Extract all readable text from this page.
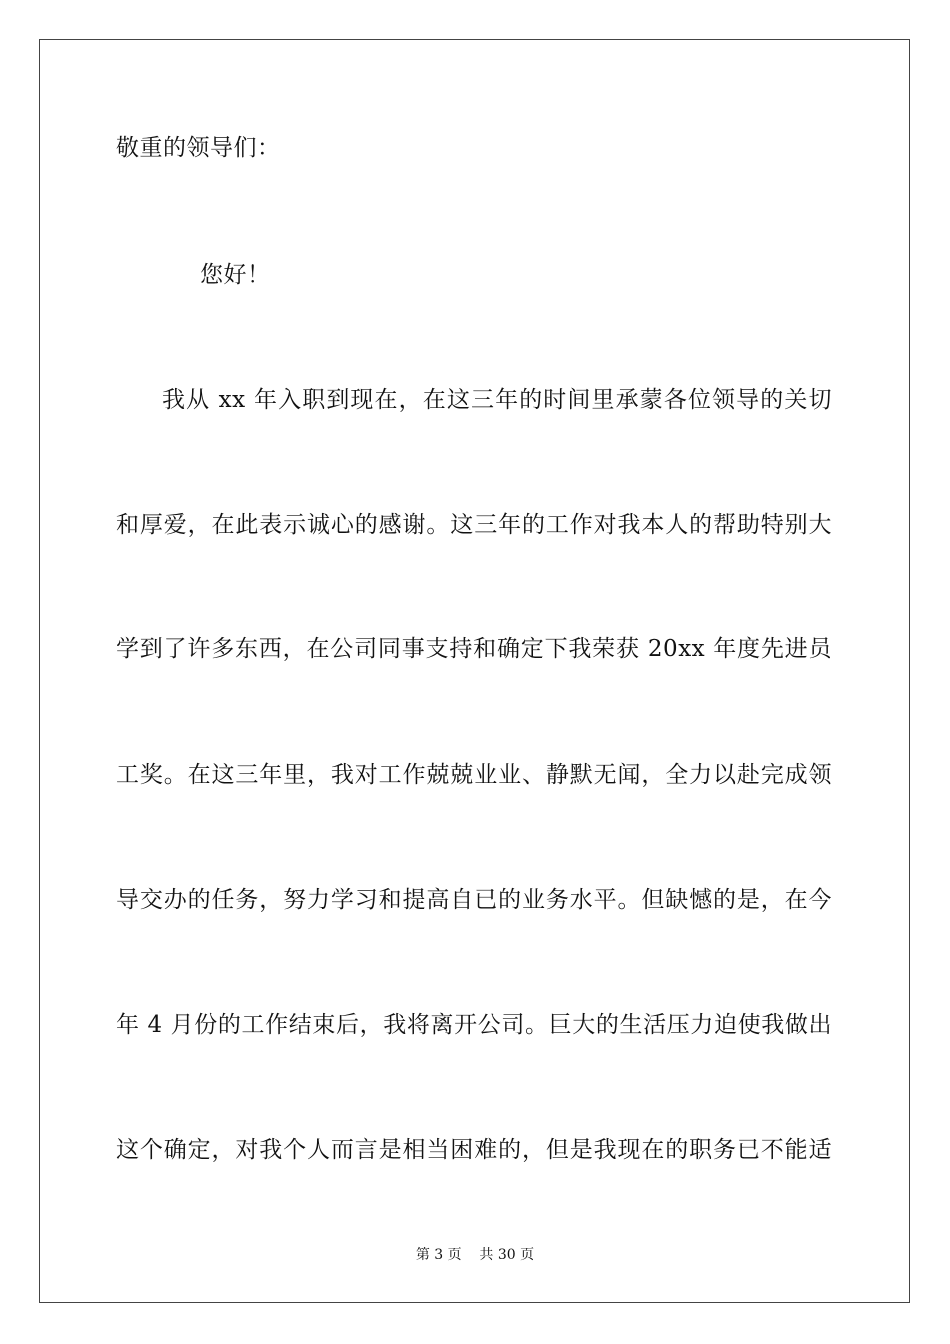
敬重的领导们：
您好！
我从 xx 年入职到现在，在这三年的时间里承蒙各位领导的关切
和厚爱，在此表示诚心的感谢。这三年的工作对我本人的帮助特别大
学到了许多东西，在公司同事支持和确定下我荣获 20xx 年度先进员
工奖。在这三年里，我对工作兢兢业业、静默无闻，全力以赴完成领
导交办的任务，努力学习和提高自已的业务水平。但缺憾的是，在今
年 4 月份的工作结束后，我将离开公司。巨大的生活压力迫使我做出
这个确定，对我个人而言是相当困难的，但是我现在的职务已不能适
第 3 页    共 30 页
